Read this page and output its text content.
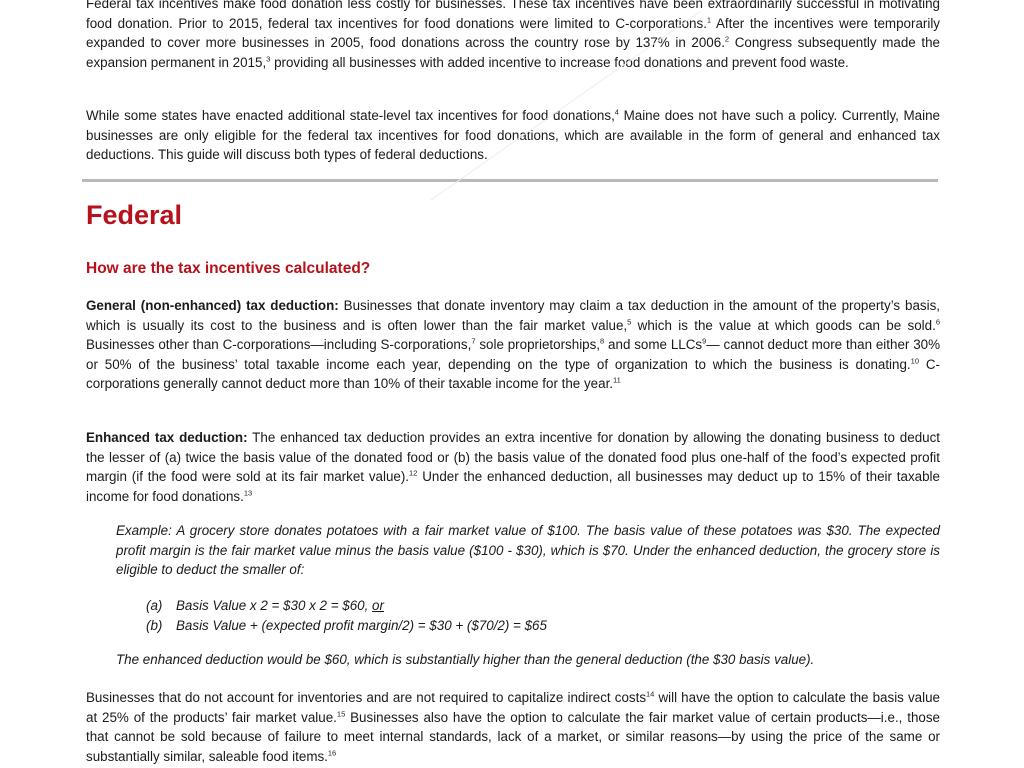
Federal tax incentives make food donation less costly for businesses. These tax incentives have been extraordinarily successful in motivating food donation. Prior to 2015, federal tax incentives for food donations were limited to C-corporations.$^1$ After the incentives were temporarily expanded to cover more businesses in 2005, food donations across the country rose by 137% in 2006.$^2$ Congress subsequently made the expansion permanent in 2015,$^3$ providing all businesses with added incentive to increase food donations and prevent food waste.

While some states have enacted additional state-level tax incentives for food donations,$^4$ Maine does not have such a policy. Currently, Maine businesses are only eligible for the federal tax incentives for food donations, which are available in the form of general and enhanced tax deductions. This guide will discuss both types of federal deductions.

Federal
How are the tax incentives calculated?

General (non-enhanced) tax deduction: Businesses that donate inventory may claim a tax deduction in the amount of the property’s basis, which is usually its cost to the business and is often lower than the fair market value,$^5$ which is the value at which goods can be sold.$^6$ Businesses other than C-corporations—including S-corporations,$^7$ sole proprietorships,$^8$ and some LLCs$^9$— cannot deduct more than either 30% or 50% of the business’ total taxable income each year, depending on the type of organization to which the business is donating.$^{10}$ C-corporations generally cannot deduct more than 10% of their taxable income for the year.$^{11}$

Enhanced tax deduction: The enhanced tax deduction provides an extra incentive for donation by allowing the donating business to deduct the lesser of (a) twice the basis value of the donated food or (b) the basis value of the donated food plus one-half of the food’s expected profit margin (if the food were sold at its fair market value).$^{12}$ Under the enhanced deduction, all businesses may deduct up to 15% of their taxable income for food donations.$^{13}$

Example: A grocery store donates potatoes with a fair market value of $100. The basis value of these potatoes was $30. The expected profit margin is the fair market value minus the basis value ($100 - $30), which is $70. Under the enhanced deduction, the grocery store is eligible to deduct the smaller of:

(a)	Basis Value x 2 = $30 x 2 = $60, or
(b)	Basis Value + (expected profit margin/2) = $30 + ($70/2) = $65

The enhanced deduction would be $60, which is substantially higher than the general deduction (the $30 basis value).

Businesses that do not account for inventories and are not required to capitalize indirect costs$^{14}$ will have the option to calculate the basis value at 25% of the products’ fair market value.$^{15}$ Businesses also have the option to calculate the fair market value of certain products—i.e., those that cannot be sold because of failure to meet internal standards, lack of a market, or similar reasons—by using the price of the same or substantially similar, saleable food items.$^{16}$
